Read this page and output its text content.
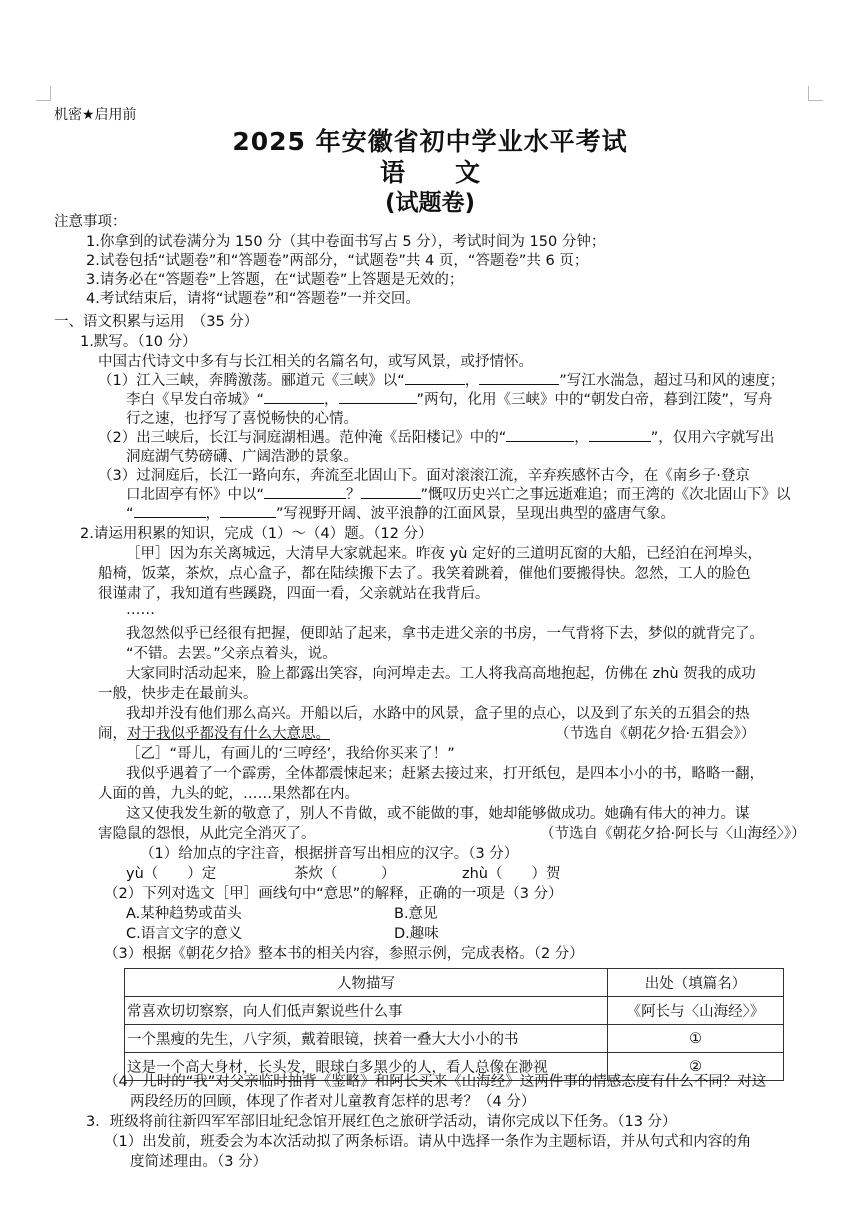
机密★启用前
2025 年安徽省初中学业水平考试
语　　文
(试题卷)
注意事项：
1.你拿到的试卷满分为 150 分（其中卷面书写占 5 分），考试时间为 150 分钟；
2.试卷包括“试题卷”和“答题卷”两部分，“试题卷”共 4 页，“答题卷”共 6 页；
3.请务必在“答题卷”上答题，在“试题卷”上答题是无效的；
4.考试结束后，请将“试题卷”和“答题卷”一并交回。
一、语文积累与运用　（35 分）
1.默写。（10 分）
中国古代诗文中多有与长江相关的名篇名句，或写风景，或抒情怀。
（1）江入三峡，奔腾激荡。郦道元《三峡》以“	，	”写江水湍急，超过马和风的速度；
李白《早发白帝城》“	，	”两句，化用《三峡》中的“朝发白帝，暮到江陵”，写舟
行之速，也抒写了喜悦畅快的心情。
（2）出三峡后，长江与洞庭湖相遇。范仲淹《岳阳楼记》中的“	，	”，仅用六字就写出
洞庭湖气势磅礴、广阔浩渺的景象。
（3）过洞庭后，长江一路向东，奔流至北固山下。面对滚滚江流，辛弃疾感怀古今，在《南乡子·登京
口北固亭有怀》中以“	？	”慨叹历史兴亡之事远逝难追；而王湾的《次北固山下》以
“	，	”写视野开阔、波平浪静的江面风景，呈现出典型的盛唐气象。
2.请运用积累的知识，完成（1）～（4）题。（12 分）
［甲］因为东关离城远，大清早大家就起来。昨夜 yù 定好的三道明瓦窗的大船，已经泊在河埠头，
船椅，饭菜，茶炊，点心盒子，都在陆续搬下去了。我笑着跳着，催他们要搬得快。忽然，工人的脸色
很谨肃了，我知道有些蹊跷，四面一看，父亲就站在我背后。
……
我忽然似乎已经很有把握，便即站了起来，拿书走进父亲的书房，一气背将下去，梦似的就背完了。
“不错。去罢。”父亲点着头，说。
大家同时活动起来，脸上都露出笑容，向河埠走去。工人将我高高地抱起，仿佛在 zhù 贺我的成功
一般，快步走在最前头。
我却并没有他们那么高兴。开船以后，水路中的风景，盒子里的点心，以及到了东关的五猖会的热
闹，对于我似乎都没有什么大意思。	（节选自《朝花夕拾·五猖会》）
［乙］“哥儿，有画儿的‘三哼经’，我给你买来了！”
我似乎遇着了一个霹雳，全体都震悚起来；赶紧去接过来，打开纸包，是四本小小的书，略略一翻，
人面的兽，九头的蛇，……果然都在内。
这又使我发生新的敬意了，别人不肯做，或不能做的事，她却能够做成功。她确有伟大的神力。谋
害隐鼠的怨恨，从此完全消灭了。	（节选自《朝花夕拾·阿长与〈山海经〉》）
（1）给加点的字注音，根据拼音写出相应的汉字。（3 分）
yù（　　）定	茶炊（　　　）	zhù（　　）贺
（2）下列对选文［甲］画线句中“意思”的解释，正确的一项是（3 分）
A.某种趋势或苗头	B.意见
C.语言文字的意义	D.趣味
（3）根据《朝花夕拾》整本书的相关内容，参照示例，完成表格。（2 分）
人物描写	出处（填篇名）
常喜欢切切察察，向人们低声絮说些什么事	《阿长与〈山海经〉》
一个黑瘦的先生，八字须，戴着眼镜，挟着一叠大大小小的书	①
这是一个高大身材，长头发，眼球白多黑少的人，看人总像在渺视	②
（4）儿时的“我”对父亲临时抽背《鉴略》和阿长买来《山海经》这两件事的情感态度有什么不同？对这
两段经历的回顾，体现了作者对儿童教育怎样的思考？（4 分）
3．班级将前往新四军军部旧址纪念馆开展红色之旅研学活动，请你完成以下任务。（13 分）
（1）出发前，班委会为本次活动拟了两条标语。请从中选择一条作为主题标语，并从句式和内容的角
度简述理由。（3 分）
